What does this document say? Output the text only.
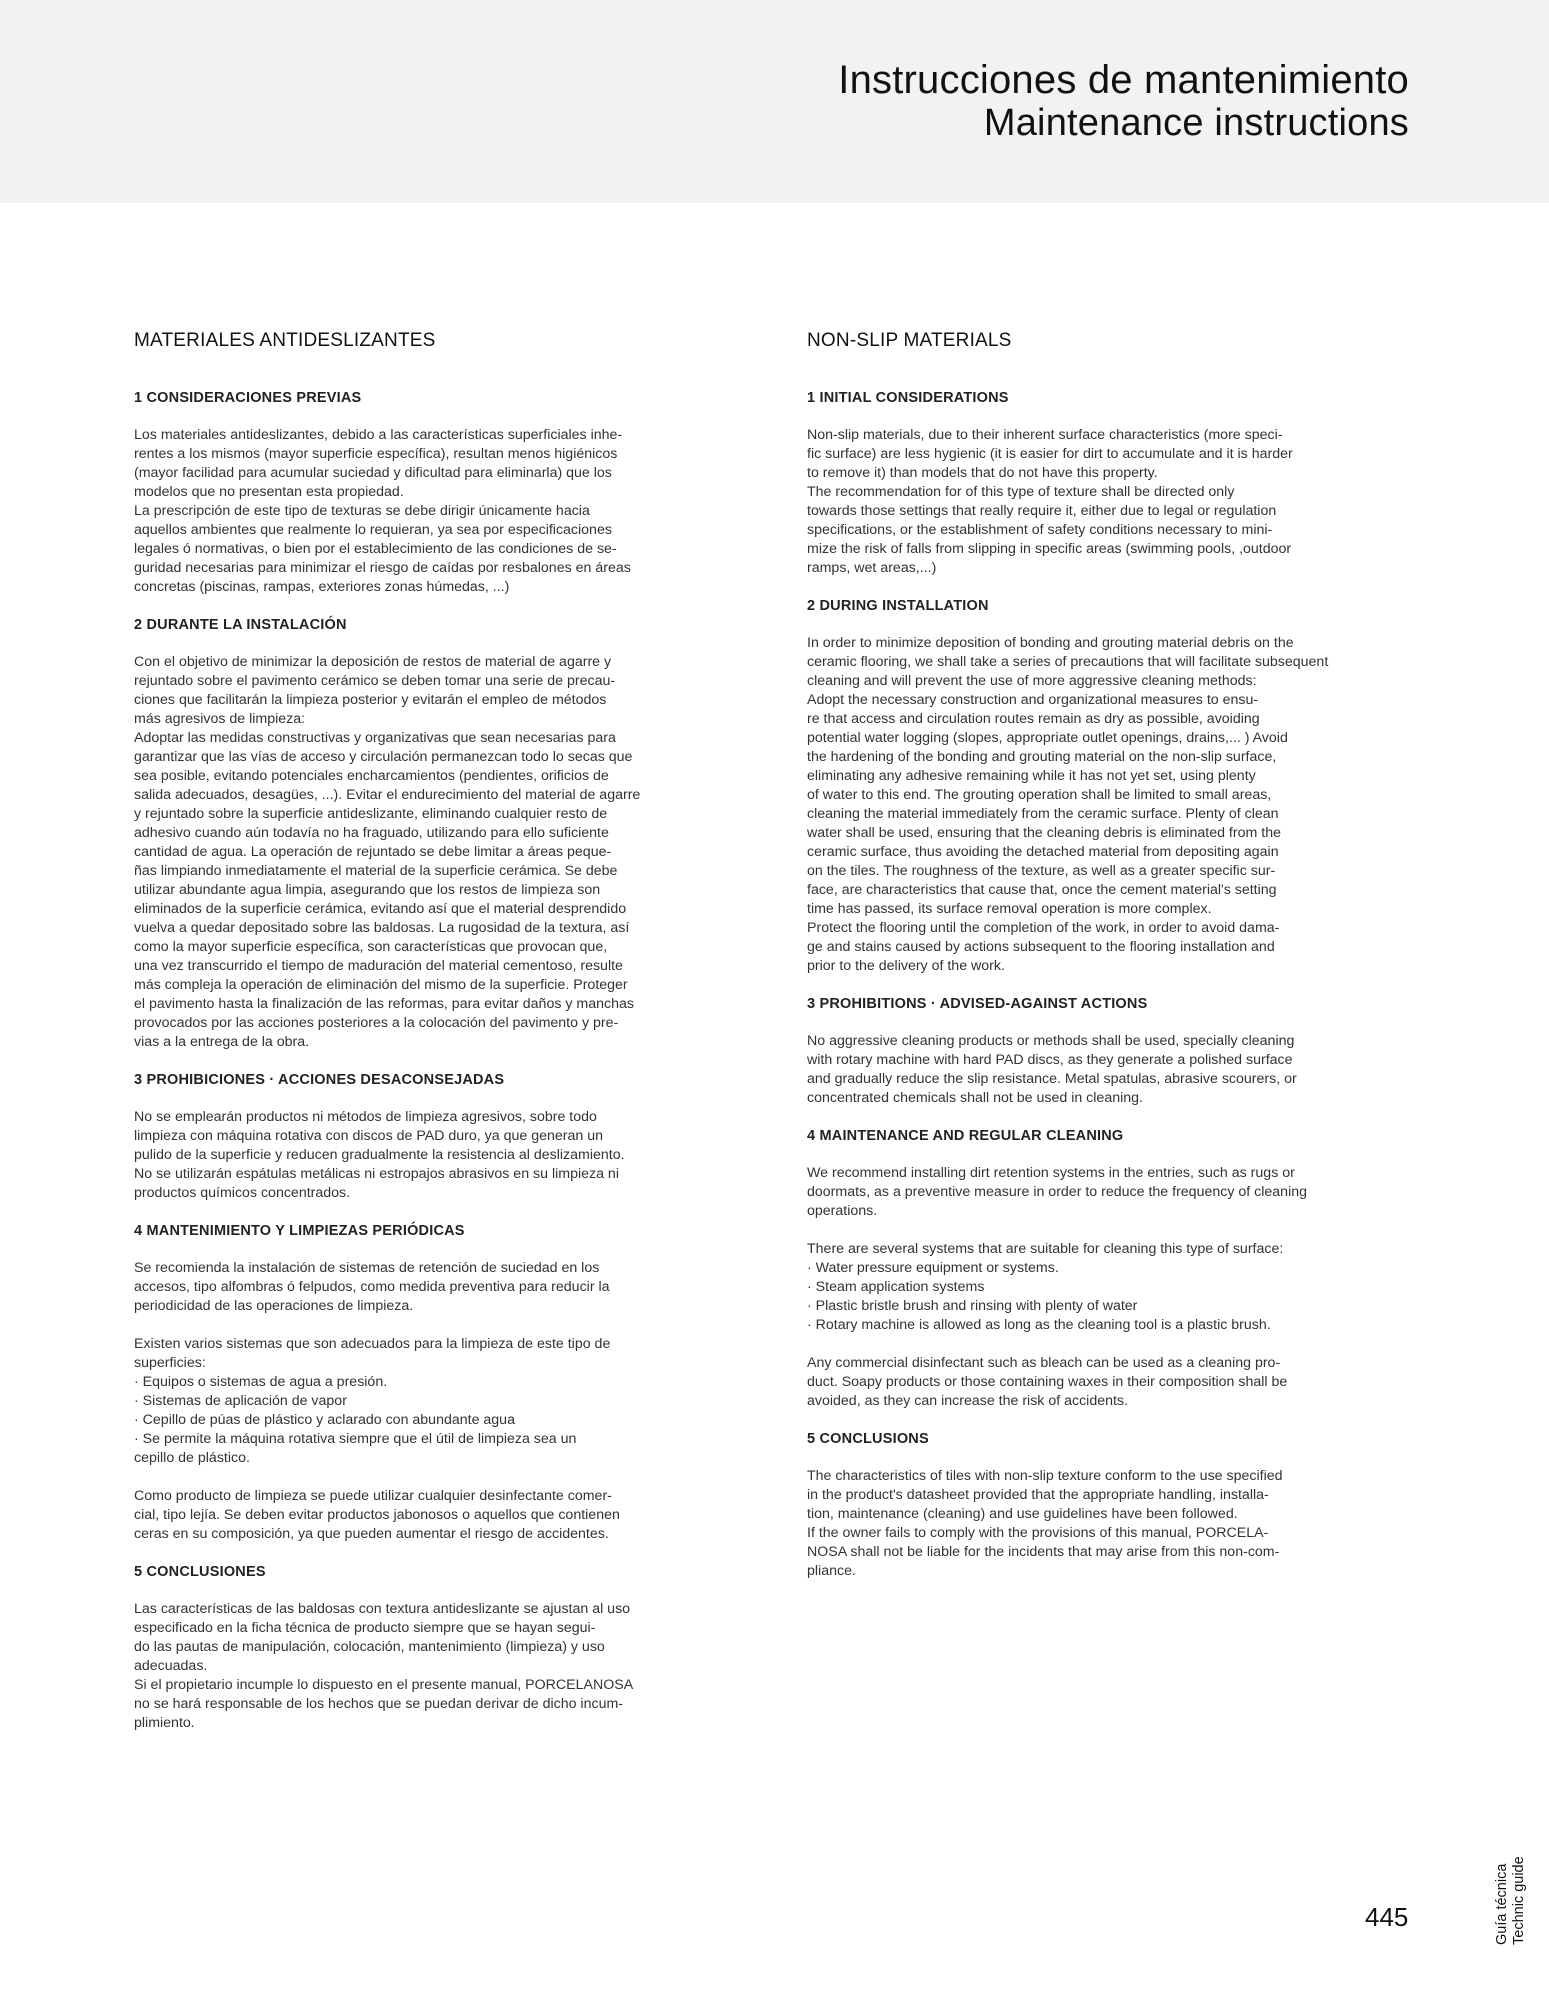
Instrucciones de mantenimiento
Maintenance instructions
MATERIALES ANTIDESLIZANTES
1 CONSIDERACIONES PREVIAS

Los materiales antideslizantes, debido a las características superficiales inhe-
rentes a los mismos (mayor superficie específica), resultan menos higiénicos
(mayor facilidad para acumular suciedad y dificultad para eliminarla) que los
modelos que no presentan esta propiedad.
La prescripción de este tipo de texturas se debe dirigir únicamente hacia
aquellos ambientes que realmente lo requieran, ya sea por especificaciones
legales ó normativas, o bien por el establecimiento de las condiciones de se-
guridad necesarias para minimizar el riesgo de caídas por resbalones en áreas
concretas (piscinas, rampas, exteriores zonas húmedas, ...)

2 DURANTE LA INSTALACIÓN

Con el objetivo de minimizar la deposición de restos de material de agarre y
rejuntado sobre el pavimento cerámico se deben tomar una serie de precau-
ciones que facilitarán la limpieza posterior y evitarán el empleo de métodos
más agresivos de limpieza:
Adoptar las medidas constructivas y organizativas que sean necesarias para
garantizar que las vías de acceso y circulación permanezcan todo lo secas que
sea posible, evitando potenciales encharcamientos (pendientes, orificios de
salida adecuados, desagües, ...). Evitar el endurecimiento del material de agarre
y rejuntado sobre la superficie antideslizante, eliminando cualquier resto de
adhesivo cuando aún todavía no ha fraguado, utilizando para ello suficiente
cantidad de agua. La operación de rejuntado se debe limitar a áreas peque-
ñas limpiando inmediatamente el material de la superficie cerámica. Se debe
utilizar abundante agua limpia, asegurando que los restos de limpieza son
eliminados de la superficie cerámica, evitando así que el material desprendido
vuelva a quedar depositado sobre las baldosas. La rugosidad de la textura, así
como la mayor superficie específica, son características que provocan que,
una vez transcurrido el tiempo de maduración del material cementoso, resulte
más compleja la operación de eliminación del mismo de la superficie. Proteger
el pavimento hasta la finalización de las reformas, para evitar daños y manchas
provocados por las acciones posteriores a la colocación del pavimento y pre-
vias a la entrega de la obra.

3 PROHIBICIONES · ACCIONES DESACONSEJADAS

No se emplearán productos ni métodos de limpieza agresivos, sobre todo
limpieza con máquina rotativa con discos de PAD duro, ya que generan un
pulido de la superficie y reducen gradualmente la resistencia al deslizamiento.
No se utilizarán espátulas metálicas ni estropajos abrasivos en su limpieza ni
productos químicos concentrados.

4 MANTENIMIENTO Y LIMPIEZAS PERIÓDICAS

Se recomienda la instalación de sistemas de retención de suciedad en los
accesos, tipo alfombras ó felpudos, como medida preventiva para reducir la
periodicidad de las operaciones de limpieza.

Existen varios sistemas que son adecuados para la limpieza de este tipo de
superficies:
· Equipos o sistemas de agua a presión.
· Sistemas de aplicación de vapor
· Cepillo de púas de plástico y aclarado con abundante agua
· Se permite la máquina rotativa siempre que el útil de limpieza sea un
cepillo de plástico.

Como producto de limpieza se puede utilizar cualquier desinfectante comer-
cial, tipo lejía. Se deben evitar productos jabonosos o aquellos que contienen
ceras en su composición, ya que pueden aumentar el riesgo de accidentes.

5 CONCLUSIONES

Las características de las baldosas con textura antideslizante se ajustan al uso
especificado en la ficha técnica de producto siempre que se hayan segui-
do las pautas de manipulación, colocación, mantenimiento (limpieza) y uso
adecuadas.
Si el propietario incumple lo dispuesto en el presente manual, PORCELANOSA
no se hará responsable de los hechos que se puedan derivar de dicho incum-
plimiento.

NON-SLIP MATERIALS
1 INITIAL CONSIDERATIONS

Non-slip materials, due to their inherent surface characteristics (more speci-
fic surface) are less hygienic (it is easier for dirt to accumulate and it is harder
to remove it) than models that do not have this property.
The recommendation for of this type of texture shall be directed only
towards those settings that really require it, either due to legal or regulation
specifications, or the establishment of safety conditions necessary to mini-
mize the risk of falls from slipping in specific areas (swimming pools, ,outdoor
ramps, wet areas,...)

2 DURING INSTALLATION

In order to minimize deposition of bonding and grouting material debris on the
ceramic flooring, we shall take a series of precautions that will facilitate subsequent
cleaning and will prevent the use of more aggressive cleaning methods:
Adopt the necessary construction and organizational measures to ensu-
re that access and circulation routes remain as dry as possible, avoiding
potential water logging (slopes, appropriate outlet openings, drains,... ) Avoid
the hardening of the bonding and grouting material on the non-slip surface,
eliminating any adhesive remaining while it has not yet set, using plenty
of water to this end. The grouting operation shall be limited to small areas,
cleaning the material immediately from the ceramic surface. Plenty of clean
water shall be used, ensuring that the cleaning debris is eliminated from the
ceramic surface, thus avoiding the detached material from depositing again
on the tiles. The roughness of the texture, as well as a greater specific sur-
face, are characteristics that cause that, once the cement material's setting
time has passed, its surface removal operation is more complex.
Protect the flooring until the completion of the work, in order to avoid dama-
ge and stains caused by actions subsequent to the flooring installation and
prior to the delivery of the work.

3 PROHIBITIONS · ADVISED-AGAINST ACTIONS

No aggressive cleaning products or methods shall be used, specially cleaning
with rotary machine with hard PAD discs, as they generate a polished surface
and gradually reduce the slip resistance. Metal spatulas, abrasive scourers, or
concentrated chemicals shall not be used in cleaning.

4 MAINTENANCE AND REGULAR CLEANING

We recommend installing dirt retention systems in the entries, such as rugs or
doormats, as a preventive measure in order to reduce the frequency of cleaning
operations.

There are several systems that are suitable for cleaning this type of surface:
· Water pressure equipment or systems.
· Steam application systems
· Plastic bristle brush and rinsing with plenty of water
· Rotary machine is allowed as long as the cleaning tool is a plastic brush.

Any commercial disinfectant such as bleach can be used as a cleaning pro-
duct. Soapy products or those containing waxes in their composition shall be
avoided, as they can increase the risk of accidents.

5 CONCLUSIONS

The characteristics of tiles with non-slip texture conform to the use specified
in the product's datasheet provided that the appropriate handling, installa-
tion, maintenance (cleaning) and use guidelines have been followed.
If the owner fails to comply with the provisions of this manual, PORCELA-
NOSA shall not be liable for the incidents that may arise from this non-com-
pliance.

445	Guía técnica Technic guide
